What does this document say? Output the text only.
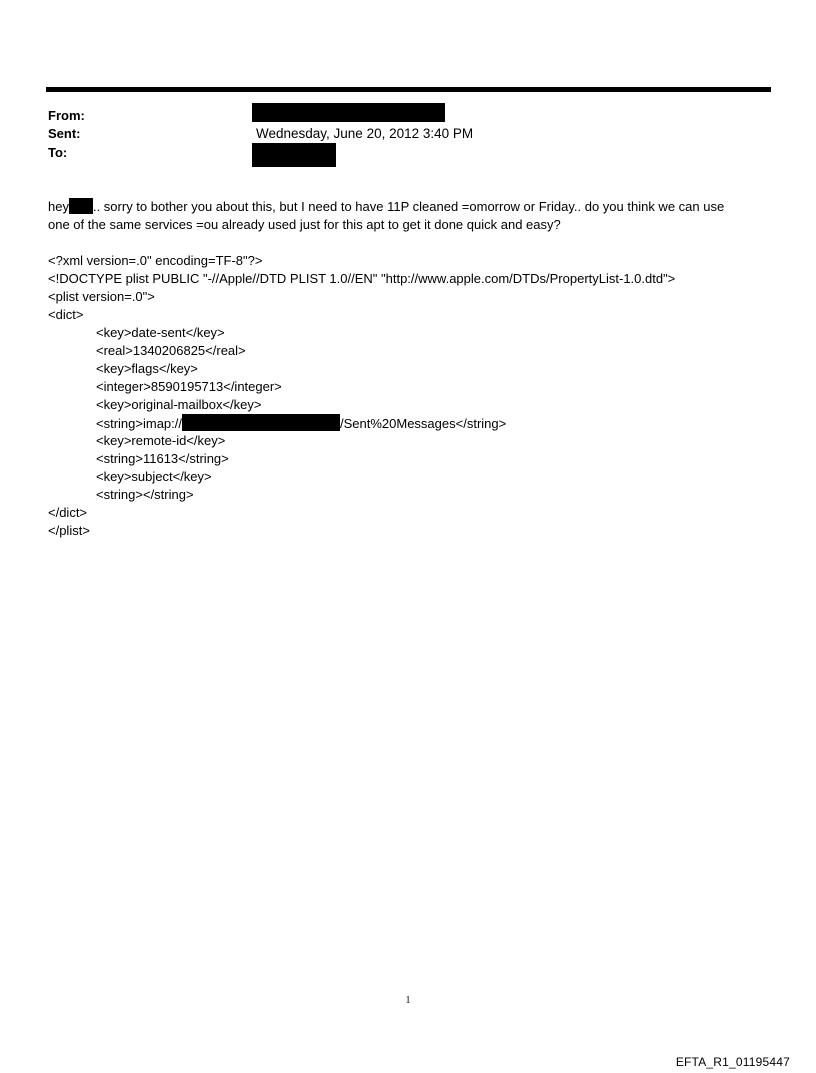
From:
Sent:	Wednesday, June 20, 2012 3:40 PM
To:
hey .. sorry to bother you about this, but I need to have 11P cleaned =omorrow or Friday.. do you think we can use
one of the same services =ou already used just for this apt to get it done quick and easy?
<?xml version=.0" encoding=TF-8"?>
<!DOCTYPE plist PUBLIC "-//Apple//DTD PLIST 1.0//EN" "http://www.apple.com/DTDs/PropertyList-1.0.dtd">
<plist version=.0">
<dict>
<key>date-sent</key>
<real>1340206825</real>
<key>flags</key>
<integer>8590195713</integer>
<key>original-mailbox</key>
<string>imap://	/Sent%20Messages</string>
<key>remote-id</key>
<string>11613</string>
<key>subject</key>
<string></string>
</dict>
</plist>
1
EFTA_R1_01195447
